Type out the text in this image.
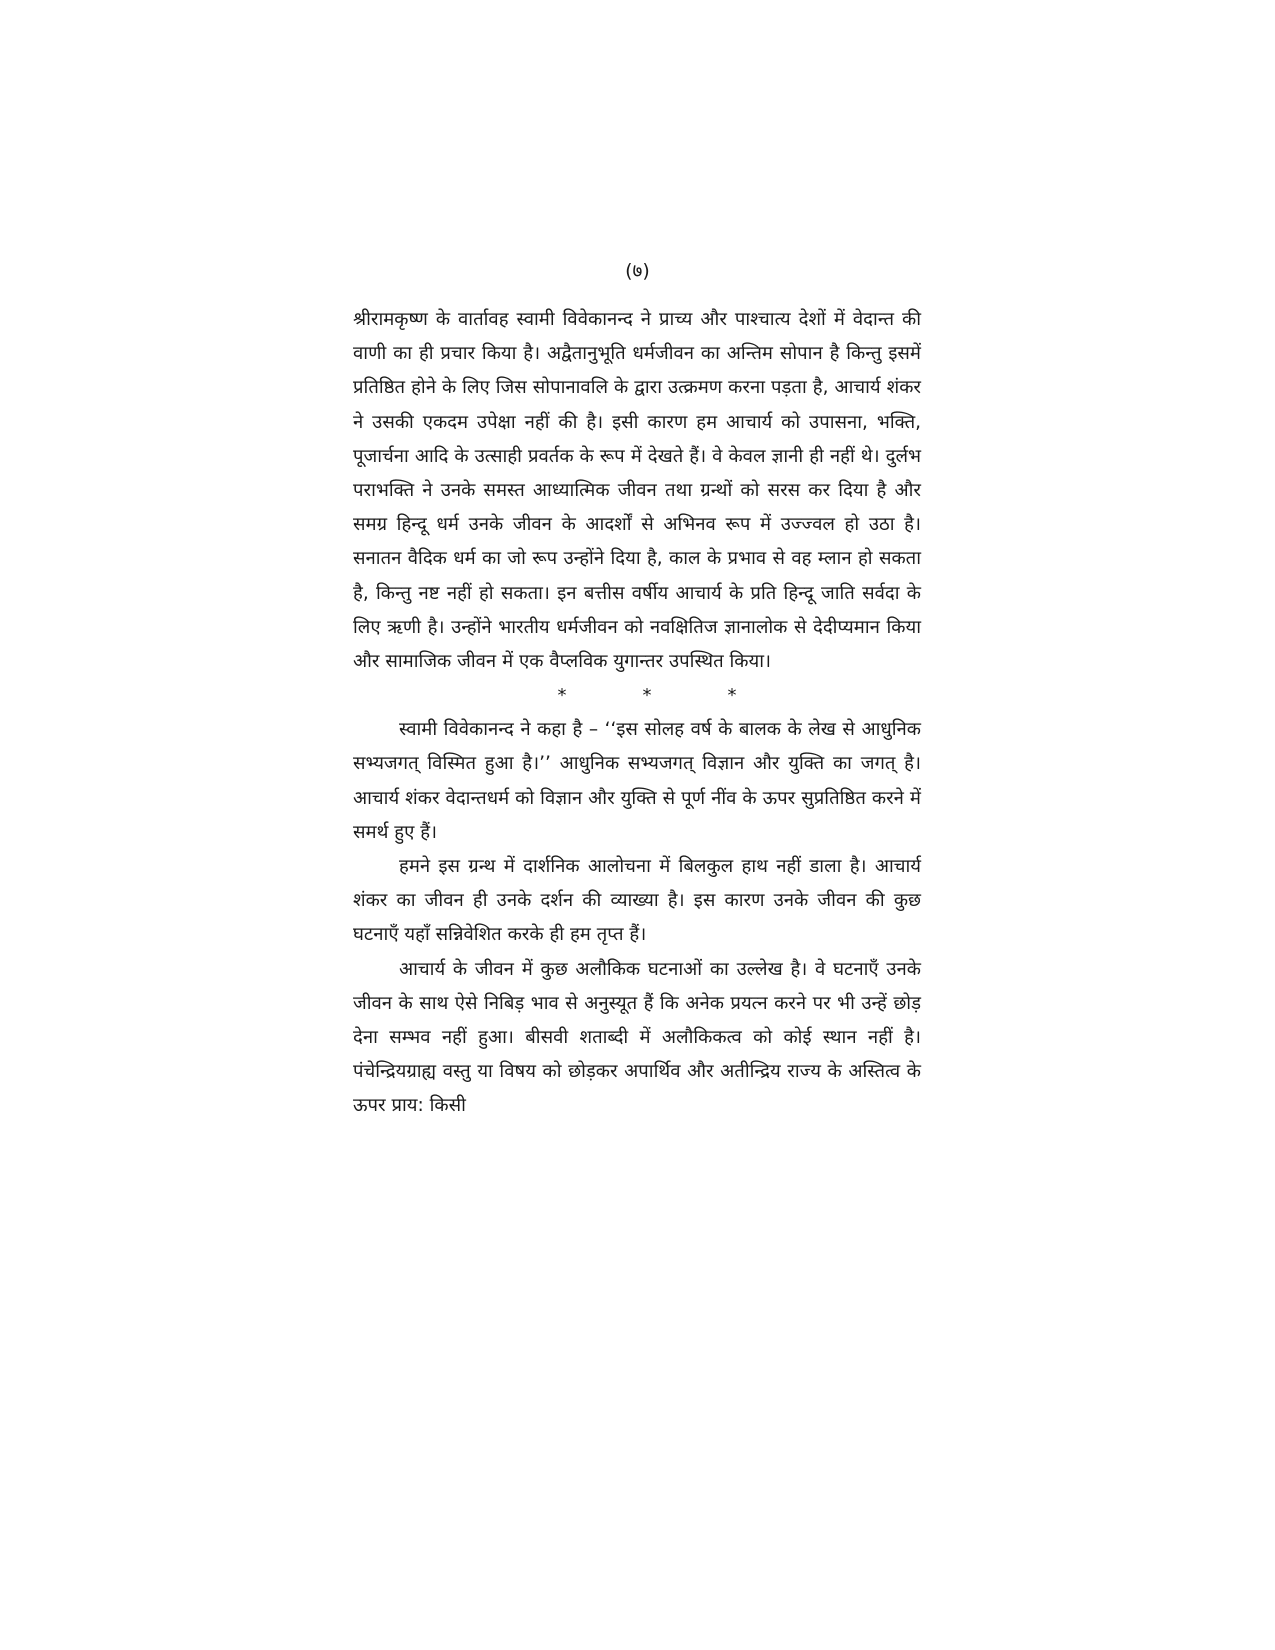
(७)

श्रीरामकृष्ण के वार्तावह स्वामी विवेकानन्द ने प्राच्य और पाश्चात्य देशों में वेदान्त की वाणी का ही प्रचार किया है। अद्वैतानुभूति धर्मजीवन का अन्तिम सोपान है किन्तु इसमें प्रतिष्ठित होने के लिए जिस सोपानावलि के द्वारा उत्क्रमण करना पड़ता है, आचार्य शंकर ने उसकी एकदम उपेक्षा नहीं की है। इसी कारण हम आचार्य को उपासना, भक्ति, पूजार्चना आदि के उत्साही प्रवर्तक के रूप में देखते हैं। वे केवल ज्ञानी ही नहीं थे। दुर्लभ पराभक्ति ने उनके समस्त आध्यात्मिक जीवन तथा ग्रन्थों को सरस कर दिया है और समग्र हिन्दू धर्म उनके जीवन के आदर्शों से अभिनव रूप में उज्ज्वल हो उठा है। सनातन वैदिक धर्म का जो रूप उन्होंने दिया है, काल के प्रभाव से वह म्लान हो सकता है, किन्तु नष्ट नहीं हो सकता। इन बत्तीस वर्षीय आचार्य के प्रति हिन्दू जाति सर्वदा के लिए ऋणी है। उन्होंने भारतीय धर्मजीवन को नवक्षितिज ज्ञानालोक से देदीप्यमान किया और सामाजिक जीवन में एक वैप्लविक युगान्तर उपस्थित किया।

*	*	*

स्वामी विवेकानन्द ने कहा है – ‘‘इस सोलह वर्ष के बालक के लेख से आधुनिक सभ्यजगत् विस्मित हुआ है।’’ आधुनिक सभ्यजगत् विज्ञान और युक्ति का जगत् है। आचार्य शंकर वेदान्तधर्म को विज्ञान और युक्ति से पूर्ण नींव के ऊपर सुप्रतिष्ठित करने में समर्थ हुए हैं।

हमने इस ग्रन्थ में दार्शनिक आलोचना में बिलकुल हाथ नहीं डाला है। आचार्य शंकर का जीवन ही उनके दर्शन की व्याख्या है। इस कारण उनके जीवन की कुछ घटनाएँ यहाँ सन्निवेशित करके ही हम तृप्त हैं।

आचार्य के जीवन में कुछ अलौकिक घटनाओं का उल्लेख है। वे घटनाएँ उनके जीवन के साथ ऐसे निबिड़ भाव से अनुस्यूत हैं कि अनेक प्रयत्न करने पर भी उन्हें छोड़ देना सम्भव नहीं हुआ। बीसवी शताब्दी में अलौकिकत्व को कोई स्थान नहीं है। पंचेन्द्रियग्राह्य वस्तु या विषय को छोड़कर अपार्थिव और अतीन्द्रिय राज्य के अस्तित्व के ऊपर प्राय: किसी
